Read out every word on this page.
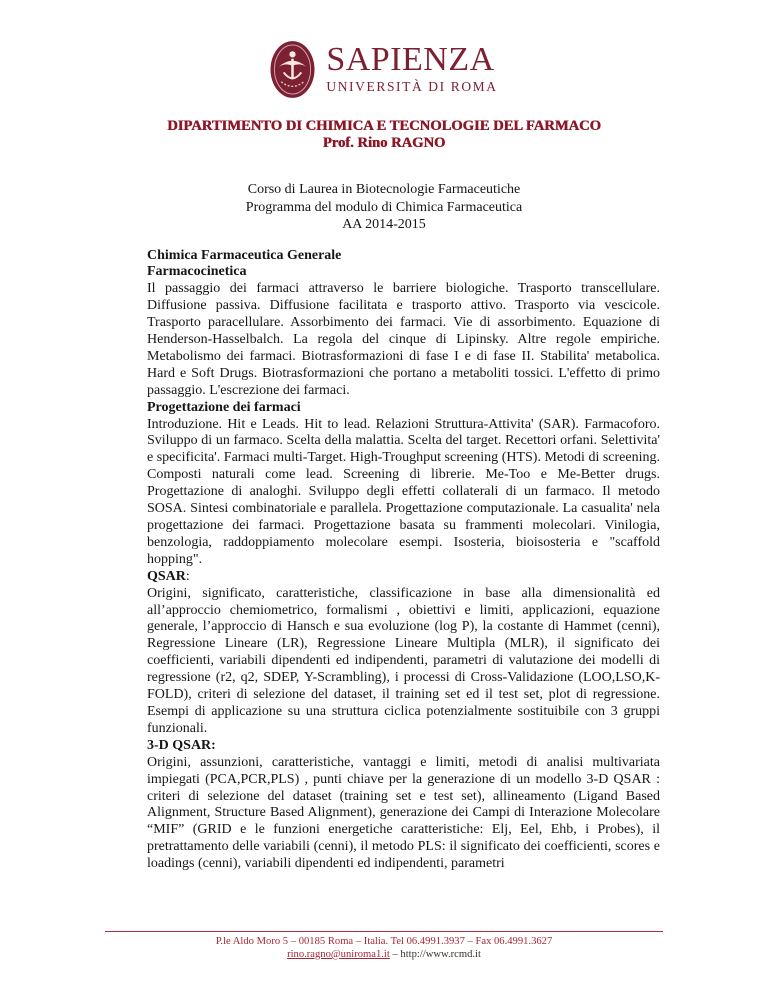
SAPIENZA
UNIVERSITÀ DI ROMA
DIPARTIMENTO DI CHIMICA E TECNOLOGIE DEL FARMACO
Prof. Rino RAGNO
Corso di Laurea in Biotecnologie Farmaceutiche
Programma del modulo di Chimica Farmaceutica
AA 2014-2015

Chimica Farmaceutica Generale

Farmacocinetica

Il passaggio dei farmaci attraverso le barriere biologiche. Trasporto transcellulare. Diffusione passiva. Diffusione facilitata e trasporto attivo. Trasporto via vescicole. Trasporto paracellulare. Assorbimento dei farmaci. Vie di assorbimento. Equazione di Henderson-Hasselbalch. La regola del cinque di Lipinsky. Altre regole empiriche. Metabolismo dei farmaci. Biotrasformazioni di fase I e di fase II. Stabilita' metabolica. Hard e Soft Drugs. Biotrasformazioni che portano a metaboliti tossici. L'effetto di primo passaggio. L'escrezione dei farmaci.

Progettazione dei farmaci

Introduzione. Hit e Leads. Hit to lead. Relazioni Struttura-Attivita' (SAR). Farmacoforo. Sviluppo di un farmaco. Scelta della malattia. Scelta del target. Recettori orfani. Selettivita' e specificita'. Farmaci multi-Target. High-Troughput screening (HTS). Metodi di screening. Composti naturali come lead. Screening di librerie. Me-Too e Me-Better drugs. Progettazione di analoghi. Sviluppo degli effetti collaterali di un farmaco. Il metodo SOSA. Sintesi combinatoriale e parallela. Progettazione computazionale. La casualita' nela progettazione dei farmaci. Progettazione basata su frammenti molecolari. Vinilogia, benzologia, raddoppiamento molecolare esempi. Isosteria, bioisosteria e "scaffold hopping".

QSAR:

Origini, significato, caratteristiche, classificazione in base alla dimensionalità ed all’approccio chemiometrico, formalismi , obiettivi e limiti, applicazioni, equazione generale, l’approccio di Hansch e sua evoluzione (log P), la costante di Hammet (cenni), Regressione Lineare (LR), Regressione Lineare Multipla (MLR), il significato dei coefficienti, variabili dipendenti ed indipendenti, parametri di valutazione dei modelli di regressione (r2, q2, SDEP, Y-Scrambling), i processi di Cross-Validazione (LOO,LSO,K-FOLD), criteri di selezione del dataset, il training set ed il test set, plot di regressione. Esempi di applicazione su una struttura ciclica potenzialmente sostituibile con 3 gruppi funzionali.

3-D QSAR:

Origini, assunzioni, caratteristiche, vantaggi e limiti, metodi di analisi multivariata impiegati (PCA,PCR,PLS) , punti chiave per la generazione di un modello 3-D QSAR : criteri di selezione del dataset (training set e test set), allineamento (Ligand Based Alignment, Structure Based Alignment), generazione dei Campi di Interazione Molecolare “MIF” (GRID e le funzioni energetiche caratteristiche: Elj, Eel, Ehb, i Probes), il pretrattamento delle variabili (cenni), il metodo PLS: il significato dei coefficienti, scores e loadings (cenni), variabili dipendenti ed indipendenti, parametri

P.le Aldo Moro 5 – 00185 Roma – Italia. Tel 06.4991.3937 – Fax 06.4991.3627
rino.ragno@uniroma1.it – http://www.rcmd.it
